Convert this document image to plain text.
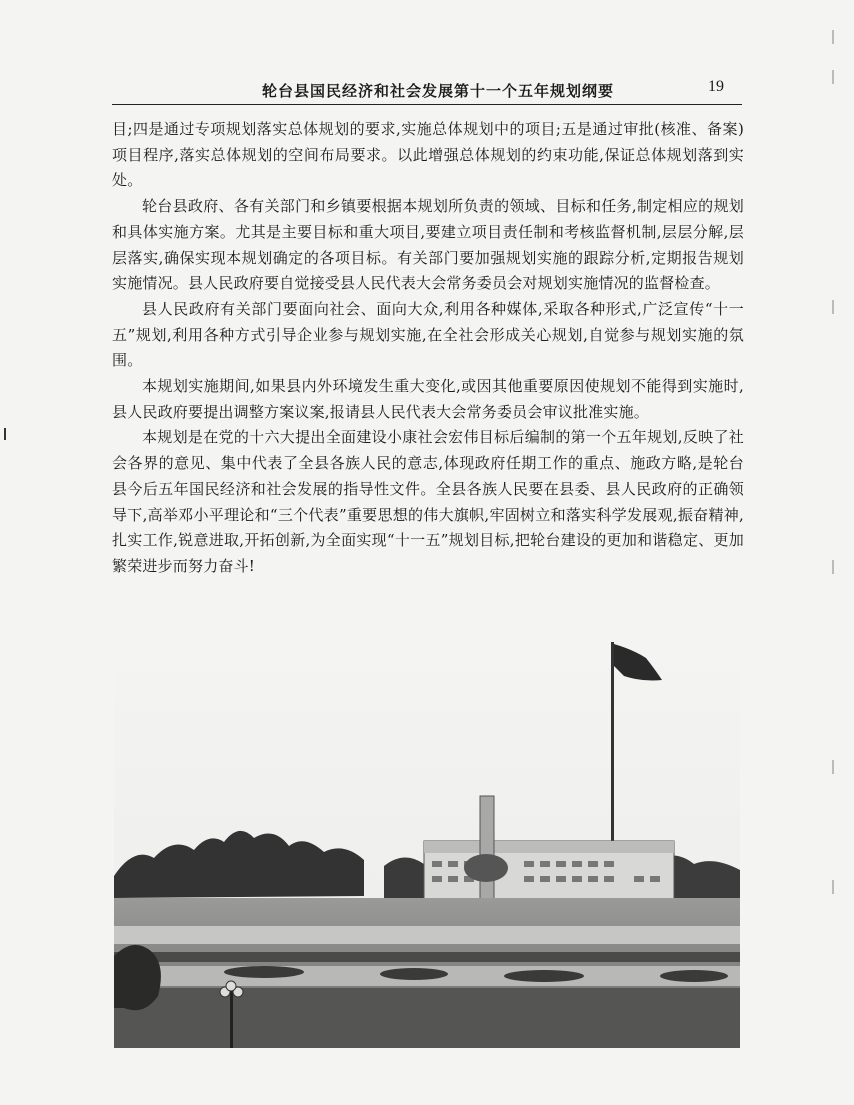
轮台县国民经济和社会发展第十一个五年规划纲要	19

目;四是通过专项规划落实总体规划的要求,实施总体规划中的项目;五是通过审批(核准、备案)项目程序,落实总体规划的空间布局要求。以此增强总体规划的约束功能,保证总体规划落到实处。

轮台县政府、各有关部门和乡镇要根据本规划所负责的领域、目标和任务,制定相应的规划和具体实施方案。尤其是主要目标和重大项目,要建立项目责任制和考核监督机制,层层分解,层层落实,确保实现本规划确定的各项目标。有关部门要加强规划实施的跟踪分析,定期报告规划实施情况。县人民政府要自觉接受县人民代表大会常务委员会对规划实施情况的监督检查。

县人民政府有关部门要面向社会、面向大众,利用各种媒体,采取各种形式,广泛宣传“十一五”规划,利用各种方式引导企业参与规划实施,在全社会形成关心规划,自觉参与规划实施的氛围。

本规划实施期间,如果县内外环境发生重大变化,或因其他重要原因使规划不能得到实施时,县人民政府要提出调整方案议案,报请县人民代表大会常务委员会审议批准实施。

本规划是在党的十六大提出全面建设小康社会宏伟目标后编制的第一个五年规划,反映了社会各界的意见、集中代表了全县各族人民的意志,体现政府任期工作的重点、施政方略,是轮台县今后五年国民经济和社会发展的指导性文件。全县各族人民要在县委、县人民政府的正确领导下,高举邓小平理论和“三个代表”重要思想的伟大旗帜,牢固树立和落实科学发展观,振奋精神,扎实工作,锐意进取,开拓创新,为全面实现“十一五”规划目标,把轮台建设的更加和谐稳定、更加繁荣进步而努力奋斗!
